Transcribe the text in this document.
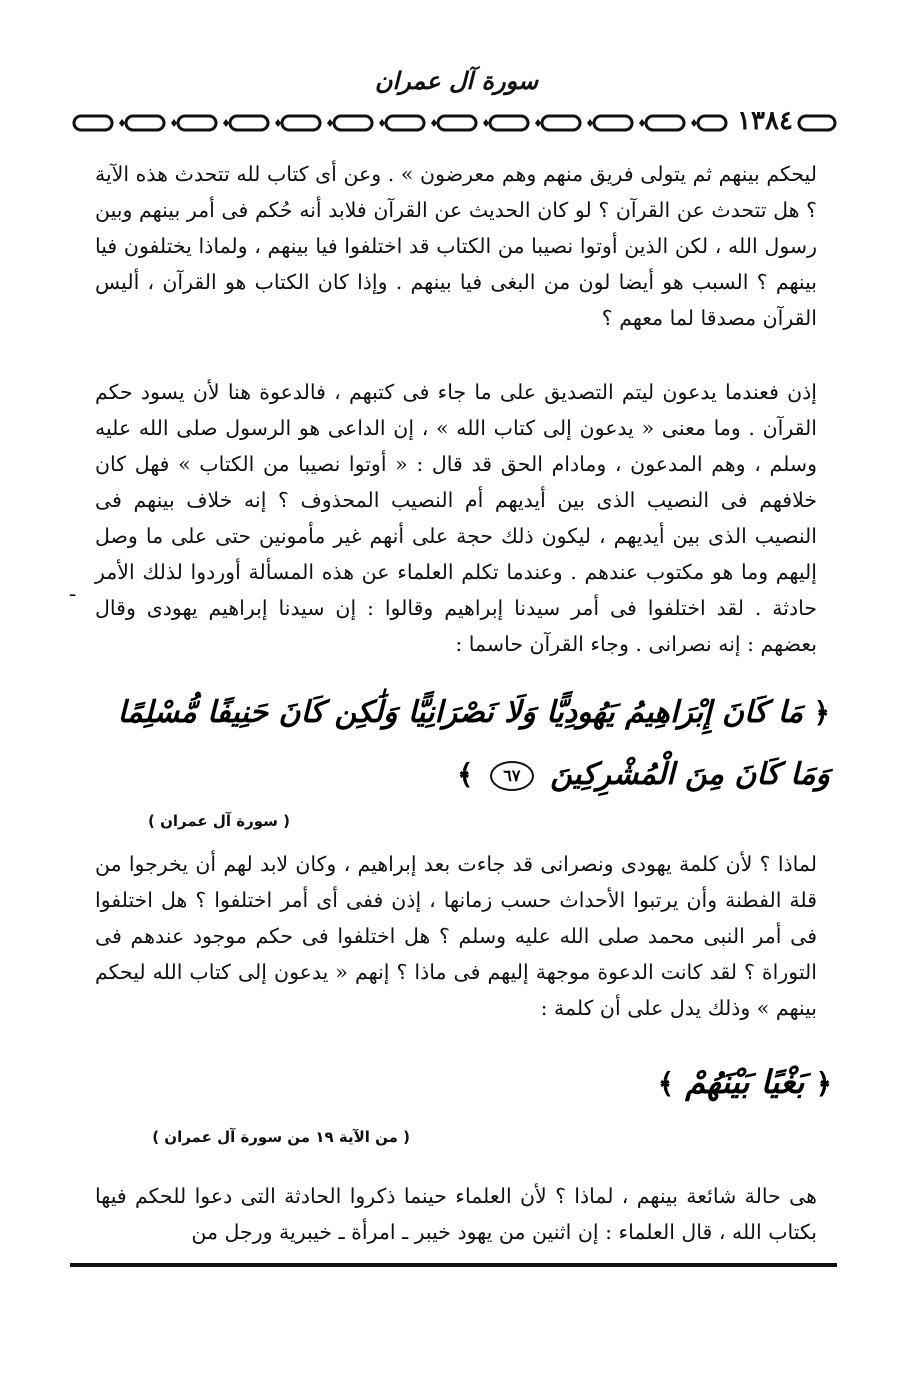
سورة آل عمران
١٣٨٤
ليحكم بينهم ثم يتولى فريق منهم وهم معرضون » . وعن أى كتاب لله تتحدث هذه الآية ؟ هل تتحدث عن القرآن ؟ لو كان الحديث عن القرآن فلابد أنه حُكم فى أمر بينهم وبين رسول الله ، لكن الذين أوتوا نصيبا من الكتاب قد اختلفوا فيا بينهم ، ولماذا يختلفون فيا بينهم ؟ السبب هو أيضا لون من البغى فيا بينهم . وإذا كان الكتاب هو القرآن ، أليس القرآن مصدقا لما معهم ؟
إذن فعندما يدعون ليتم التصديق على ما جاء فى كتبهم ، فالدعوة هنا لأن يسود حكم القرآن . وما معنى « يدعون إلى كتاب الله » ، إن الداعى هو الرسول صلى الله عليه وسلم ، وهم المدعون ، ومادام الحق قد قال : « أوتوا نصيبا من الكتاب » فهل كان خلافهم فى النصيب الذى بين أيديهم أم النصيب المحذوف ؟ إنه خلاف بينهم فى النصيب الذى بين أيديهم ، ليكون ذلك حجة على أنهم غير مأمونين حتى على ما وصل إليهم وما هو مكتوب عندهم . وعندما تكلم العلماء عن هذه المسألة أوردوا لذلك الأمر حادثة . لقد اختلفوا فى أمر سيدنا إبراهيم وقالوا : إن سيدنا إبراهيم يهودى وقال بعضهم : إنه نصرانى . وجاء القرآن حاسما :
ـ
﴿ مَا كَانَ إِبْرَاهِيمُ يَهُودِيًّا وَلَا نَصْرَانِيًّا وَلَٰكِن كَانَ حَنِيفًا مُّسْلِمًا وَمَا كَانَ مِنَ الْمُشْرِكِينَ ٦٧ ﴾
( سورة آل عمران )
لماذا ؟ لأن كلمة يهودى ونصرانى قد جاءت بعد إبراهيم ، وكان لابد لهم أن يخرجوا من قلة الفطنة وأن يرتبوا الأحداث حسب زمانها ، إذن ففى أى أمر اختلفوا ؟ هل اختلفوا فى أمر النبى محمد صلى الله عليه وسلم ؟ هل اختلفوا فى حكم موجود عندهم فى التوراة ؟ لقد كانت الدعوة موجهة إليهم فى ماذا ؟ إنهم « يدعون إلى كتاب الله ليحكم بينهم » وذلك يدل على أن كلمة :
﴿ بَغْيًا بَيْنَهُمْ ﴾
( من الآية ١٩ من سورة آل عمران )
هى حالة شائعة بينهم ، لماذا ؟ لأن العلماء حينما ذكروا الحادثة التى دعوا للحكم فيها بكتاب الله ، قال العلماء : إن اثنين من يهود خيبر ـ امرأة ـ خيبرية ورجل من
